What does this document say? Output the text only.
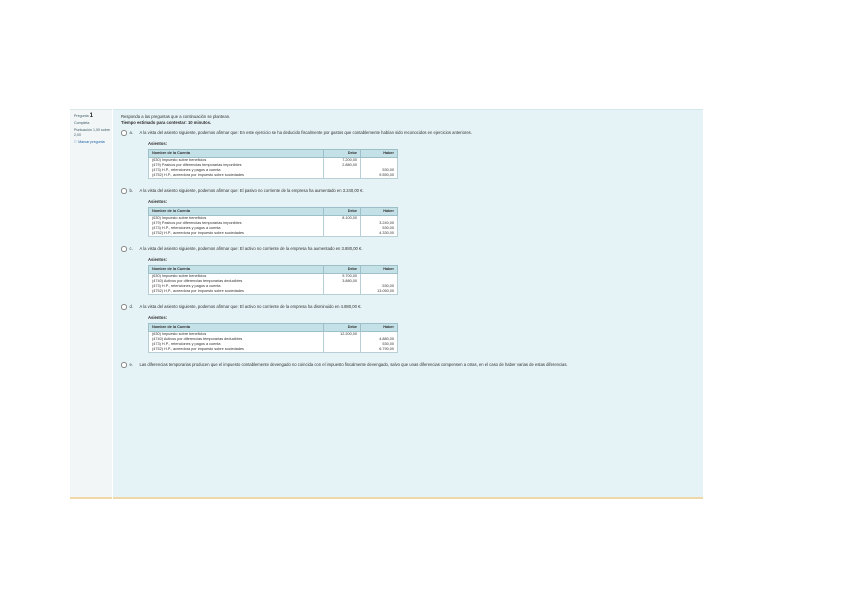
Pregunta 1
Completa
Puntuación 1,00 sobre 2,00
⚐ Marcar pregunta

Responda a las preguntas que a continuación se plantean.

Tiempo estimado para contestar: 10 minutos.

a.	A la vista del asiento siguiente, podemos afirmar que: En este ejercicio se ha deducido fiscalmente por gastos que contablemente habían sido reconocidos en ejercicios anteriores.
Asientos:
Nombre de la Cuenta	Debe	Haber
(630) Impuesto sobre beneficios	7.200,00	
(479) Pasivos por diferencias temporarias imponibles	2.880,00	
(473) H.P., retenciones y pagos a cuenta		530,00
(4752) H.P., acreedora por impuesto sobre sociedades		9.550,00
b.	A la vista del asiento siguiente, podemos afirmar que: El pasivo no corriente de la empresa ha aumentado en 3.240,00 €.
Asientos:
Nombre de la Cuenta	Debe	Haber
(630) Impuesto sobre beneficios	8.100,00	
(479) Pasivos por diferencias temporarias imponibles		3.240,00
(473) H.P., retenciones y pagos a cuenta		530,00
(4752) H.P., acreedora por impuesto sobre sociedades		4.330,00
c.	A la vista del asiento siguiente, podemos afirmar que: El activo no corriente de la empresa ha aumentado en 3.880,00 €.
Asientos:
Nombre de la Cuenta	Debe	Haber
(630) Impuesto sobre beneficios	9.700,00	
(4740) Activos por diferencias temporarias deducibles	3.880,00	
(473) H.P., retenciones y pagos a cuenta		530,00
(4752) H.P., acreedora por impuesto sobre sociedades		13.050,00
d.	A la vista del asiento siguiente, podemos afirmar que: El activo no corriente de la empresa ha disminuido en 4.880,00 €.
Asientos:
Nombre de la Cuenta	Debe	Haber
(630) Impuesto sobre beneficios	12.200,00	
(4740) Activos por diferencias temporarias deducibles		4.880,00
(473) H.P., retenciones y pagos a cuenta		530,00
(4752) H.P., acreedora por impuesto sobre sociedades		6.790,00
e.	Las diferencias temporarias producen que el impuesto contablemente devengado no coincida con el impuesto fiscalmente devengado, salvo que unas diferencias compensen a otras, en el caso de haber varias de estas diferencias.
